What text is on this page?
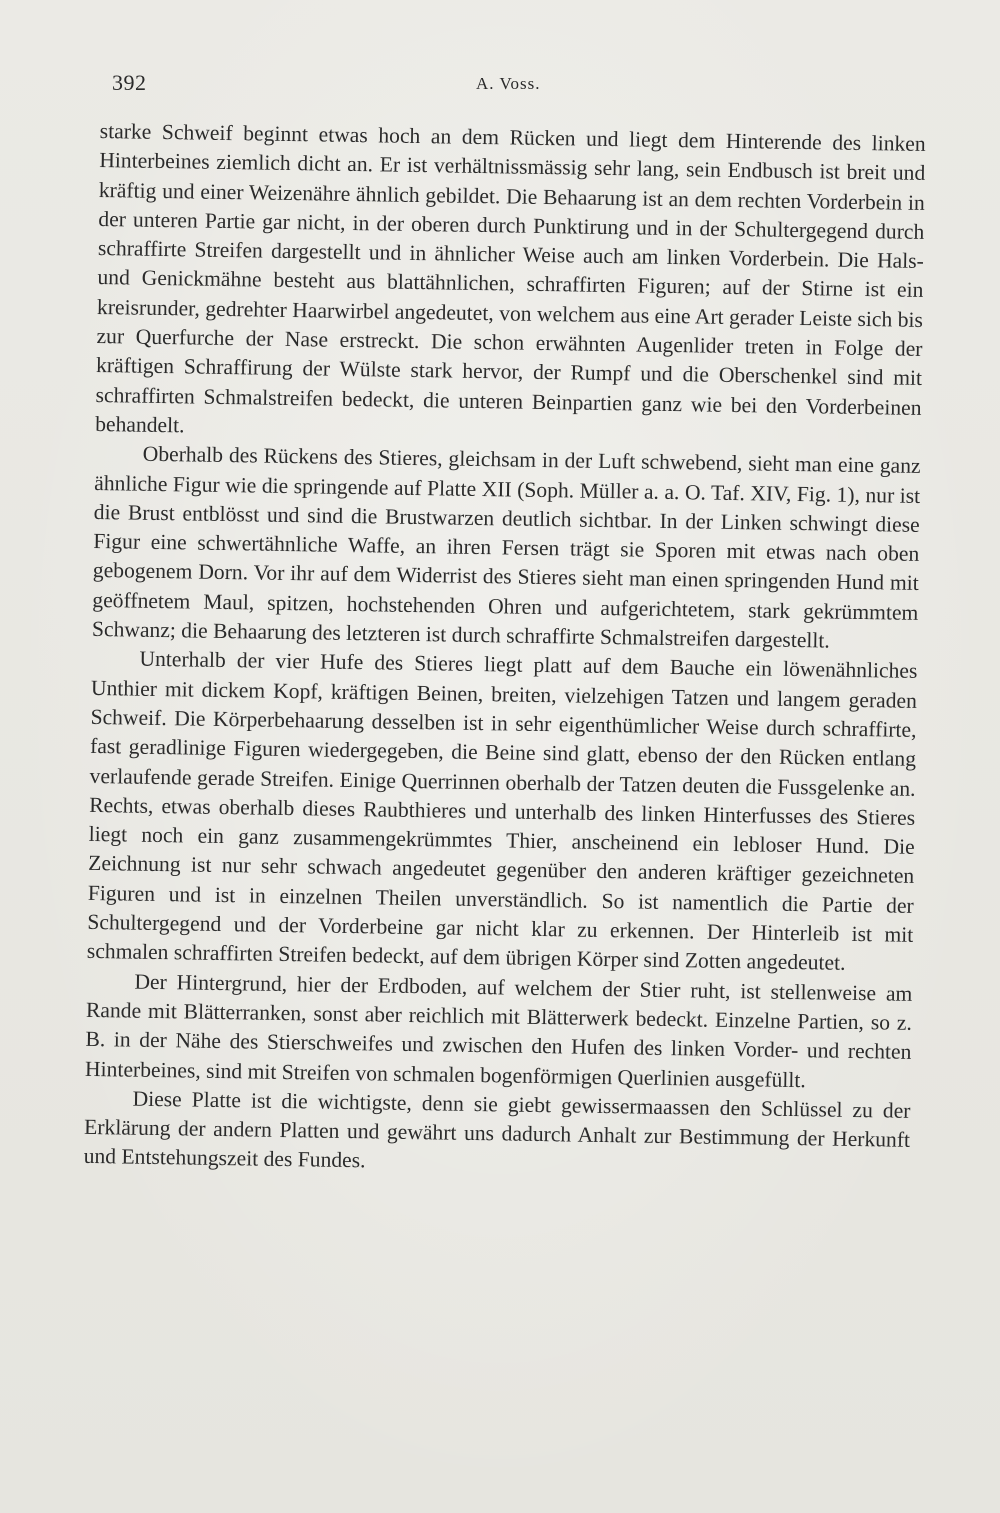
392	A. Voss.

starke Schweif beginnt etwas hoch an dem Rücken und liegt dem Hinterende des linken Hinterbeines ziemlich dicht an. Er ist verhältnissmässig sehr lang, sein Endbusch ist breit und kräftig und einer Weizenähre ähnlich gebildet. Die Behaarung ist an dem rechten Vorderbein in der unteren Partie gar nicht, in der oberen durch Punktirung und in der Schultergegend durch schraffirte Streifen dargestellt und in ähnlicher Weise auch am linken Vorderbein. Die Hals- und Genickmähne besteht aus blattähnlichen, schraffirten Figuren; auf der Stirne ist ein kreisrunder, gedrehter Haarwirbel angedeutet, von welchem aus eine Art gerader Leiste sich bis zur Querfurche der Nase erstreckt. Die schon erwähnten Augenlider treten in Folge der kräftigen Schraffirung der Wülste stark hervor, der Rumpf und die Oberschenkel sind mit schraffirten Schmalstreifen bedeckt, die unteren Beinpartien ganz wie bei den Vorderbeinen behandelt.

Oberhalb des Rückens des Stieres, gleichsam in der Luft schwebend, sieht man eine ganz ähnliche Figur wie die springende auf Platte XII (Soph. Müller a. a. O. Taf. XIV, Fig. 1), nur ist die Brust entblösst und sind die Brustwarzen deutlich sichtbar. In der Linken schwingt diese Figur eine schwertähnliche Waffe, an ihren Fersen trägt sie Sporen mit etwas nach oben gebogenem Dorn. Vor ihr auf dem Widerrist des Stieres sieht man einen springenden Hund mit geöffnetem Maul, spitzen, hochstehenden Ohren und aufgerichtetem, stark gekrümmtem Schwanz; die Behaarung des letzteren ist durch schraffirte Schmalstreifen dargestellt.

Unterhalb der vier Hufe des Stieres liegt platt auf dem Bauche ein löwenähnliches Unthier mit dickem Kopf, kräftigen Beinen, breiten, vielzehigen Tatzen und langem geraden Schweif. Die Körperbehaarung desselben ist in sehr eigenthümlicher Weise durch schraffirte, fast geradlinige Figuren wiedergegeben, die Beine sind glatt, ebenso der den Rücken entlang verlaufende gerade Streifen. Einige Querrinnen oberhalb der Tatzen deuten die Fussgelenke an. Rechts, etwas oberhalb dieses Raubthieres und unterhalb des linken Hinterfusses des Stieres liegt noch ein ganz zusammengekrümmtes Thier, anscheinend ein lebloser Hund. Die Zeichnung ist nur sehr schwach angedeutet gegenüber den anderen kräftiger gezeichneten Figuren und ist in einzelnen Theilen unverständlich. So ist namentlich die Partie der Schultergegend und der Vorderbeine gar nicht klar zu erkennen. Der Hinterleib ist mit schmalen schraffirten Streifen bedeckt, auf dem übrigen Körper sind Zotten angedeutet.

Der Hintergrund, hier der Erdboden, auf welchem der Stier ruht, ist stellenweise am Rande mit Blätterranken, sonst aber reichlich mit Blätterwerk bedeckt. Einzelne Partien, so z. B. in der Nähe des Stierschweifes und zwischen den Hufen des linken Vorder- und rechten Hinterbeines, sind mit Streifen von schmalen bogenförmigen Querlinien ausgefüllt.

Diese Platte ist die wichtigste, denn sie giebt gewissermaassen den Schlüssel zu der Erklärung der andern Platten und gewährt uns dadurch Anhalt zur Bestimmung der Herkunft und Entstehungszeit des Fundes.
